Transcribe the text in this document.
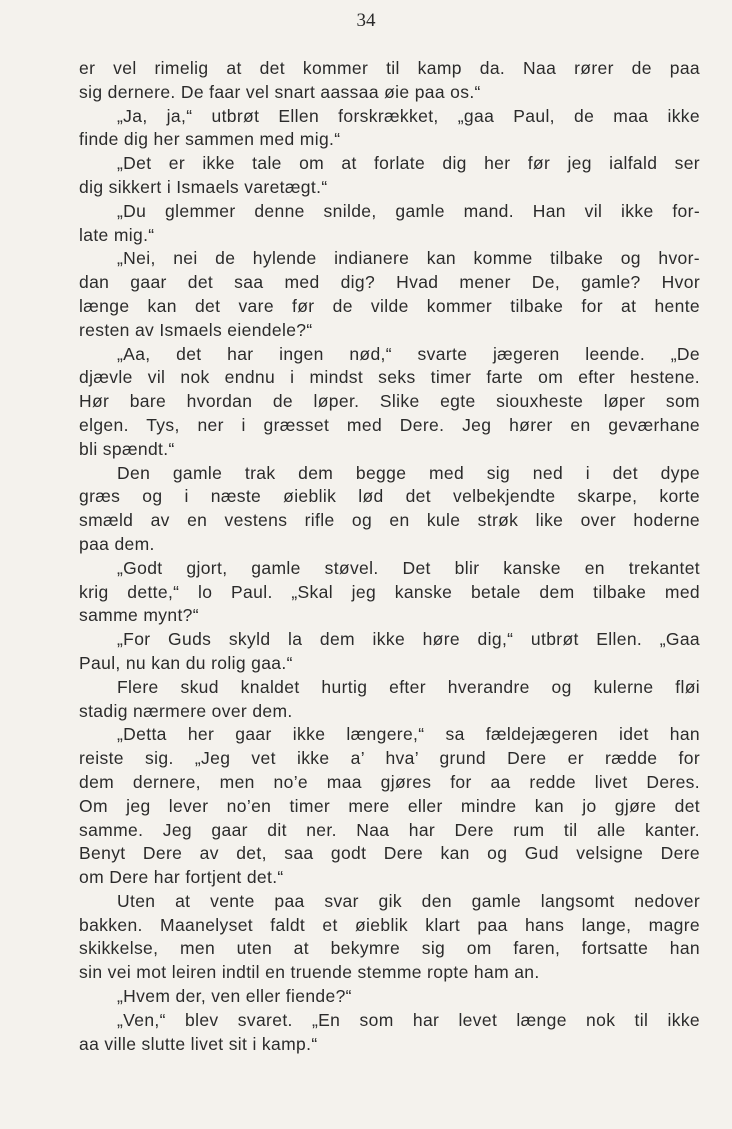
34
er vel rimelig at det kommer til kamp da. Naa rører de paa
sig dernere. De faar vel snart aassaa øie paa os.“
„Ja, ja,“ utbrøt Ellen forskrækket, „gaa Paul, de maa ikke
finde dig her sammen med mig.“
„Det er ikke tale om at forlate dig her før jeg ialfald ser
dig sikkert i Ismaels varetægt.“
„Du glemmer denne snilde, gamle mand. Han vil ikke for-
late mig.“
„Nei, nei de hylende indianere kan komme tilbake og hvor-
dan gaar det saa med dig? Hvad mener De, gamle? Hvor
længe kan det vare før de vilde kommer tilbake for at hente
resten av Ismaels eiendele?“
„Aa, det har ingen nød,“ svarte jægeren leende. „De
djævle vil nok endnu i mindst seks timer farte om efter hestene.
Hør bare hvordan de løper. Slike egte siouxheste løper som
elgen. Tys, ner i græsset med Dere. Jeg hører en geværhane
bli spændt.“
Den gamle trak dem begge med sig ned i det dype
græs og i næste øieblik lød det velbekjendte skarpe, korte
smæld av en vestens rifle og en kule strøk like over hoderne
paa dem.
„Godt gjort, gamle støvel. Det blir kanske en trekantet
krig dette,“ lo Paul. „Skal jeg kanske betale dem tilbake med
samme mynt?“
„For Guds skyld la dem ikke høre dig,“ utbrøt Ellen. „Gaa
Paul, nu kan du rolig gaa.“
Flere skud knaldet hurtig efter hverandre og kulerne fløi
stadig nærmere over dem.
„Detta her gaar ikke længere,“ sa fældejægeren idet han
reiste sig. „Jeg vet ikke a’ hva’ grund Dere er rædde for
dem dernere, men no’e maa gjøres for aa redde livet Deres.
Om jeg lever no’en timer mere eller mindre kan jo gjøre det
samme. Jeg gaar dit ner. Naa har Dere rum til alle kanter.
Benyt Dere av det, saa godt Dere kan og Gud velsigne Dere
om Dere har fortjent det.“
Uten at vente paa svar gik den gamle langsomt nedover
bakken. Maanelyset faldt et øieblik klart paa hans lange, magre
skikkelse, men uten at bekymre sig om faren, fortsatte han
sin vei mot leiren indtil en truende stemme ropte ham an.
„Hvem der, ven eller fiende?“
„Ven,“ blev svaret. „En som har levet længe nok til ikke
aa ville slutte livet sit i kamp.“
